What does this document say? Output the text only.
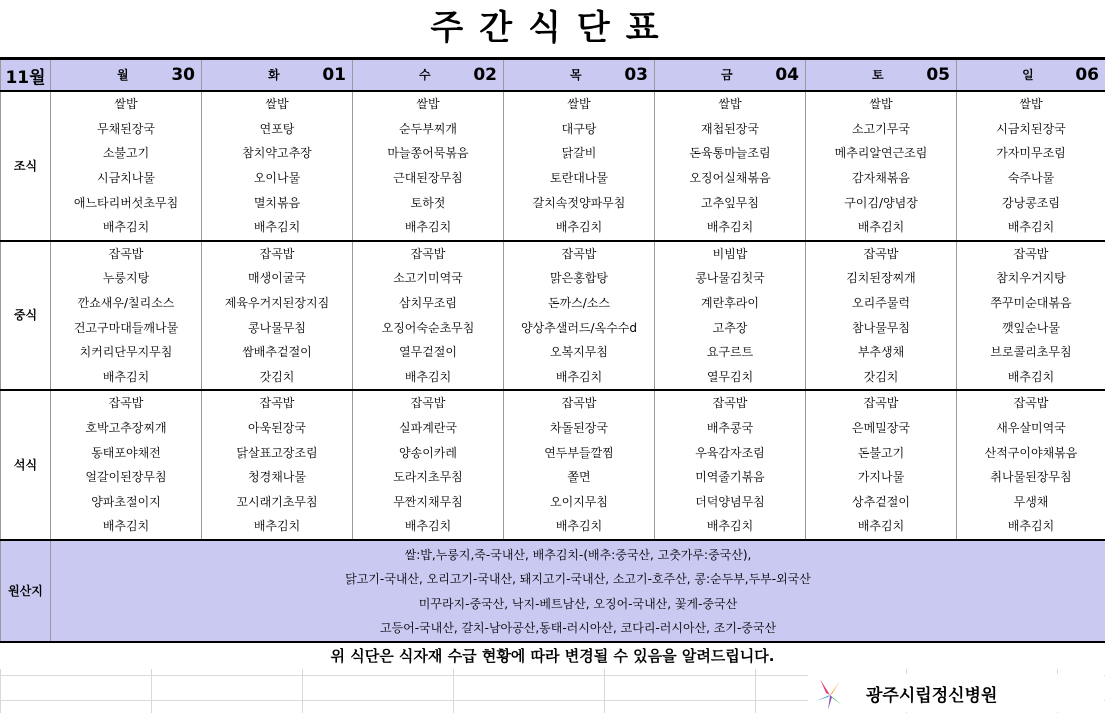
주간식단표
11월	월 30	화 01	수 02	목 03	금 04	토 05	일 06

조식	쌀밥	쌀밥	쌀밥	쌀밥	쌀밥	쌀밥	쌀밥
	무채된장국	연포탕	순두부찌개	대구탕	재첩된장국	소고기무국	시금치된장국
	소불고기	참치약고추장	마늘쫑어묵볶음	닭갈비	돈육통마늘조림	메추리알연근조림	가자미무조림
	시금치나물	오이나물	근대된장무침	토란대나물	오징어실채볶음	감자채볶음	숙주나물
	애느타리버섯초무침	멸치볶음	토하젓	갈치속젓양파무침	고추잎무침	구이김/양념장	강낭콩조림
	배추김치	배추김치	배추김치	배추김치	배추김치	배추김치	배추김치
중식	잡곡밥	잡곡밥	잡곡밥	잡곡밥	비빔밥	잡곡밥	잡곡밥
	누룽지탕	매생이굴국	소고기미역국	맑은홍합탕	콩나물김칫국	김치된장찌개	참치우거지탕
	깐쇼새우/칠리소스	제육우거지된장지짐	삼치무조림	돈까스/소스	계란후라이	오리주물럭	쭈꾸미순대볶음
	건고구마대들깨나물	콩나물무침	오징어숙순초무침	양상추샐러드/옥수수d	고추장	참나물무침	깻잎순나물
	치커리단무지무침	쌈배추겉절이	열무겉절이	오복지무침	요구르트	부추생채	브로콜리초무침
	배추김치	갓김치	배추김치	배추김치	열무김치	갓김치	배추김치
석식	잡곡밥	잡곡밥	잡곡밥	잡곡밥	잡곡밥	잡곡밥	잡곡밥
	호박고추장찌개	아욱된장국	실파계란국	차돌된장국	배추콩국	은메밀장국	새우살미역국
	동태포야채전	닭살표고장조림	양송이카레	연두부들깔찜	우육감자조림	돈불고기	산적구이야채볶음
	얼갈이된장무침	청경채나물	도라지초무침	쫄면	미역줄기볶음	가지나물	취나물된장무침
	양파초절이지	꼬시래기초무침	무짠지채무침	오이지무침	더덕양념무침	상추겉절이	무생채
	배추김치	배추김치	배추김치	배추김치	배추김치	배추김치	배추김치
원산지	쌀:밥,누룽지,죽-국내산, 배추김치-(배추:중국산, 고춧가루:중국산),
닭고기-국내산, 오리고기-국내산, 돼지고기-국내산, 소고기-호주산, 콩:순두부,두부-외국산
미꾸라지-중국산, 낙지-베트남산, 오징어-국내산, 꽃게-중국산
고등어-국내산, 갈치-남아공산,동태-러시아산, 코다리-러시아산, 조기-중국산						
위 식단은 식자재 수급 현황에 따라 변경될 수 있음을 알려드립니다.
광주시립정신병원
